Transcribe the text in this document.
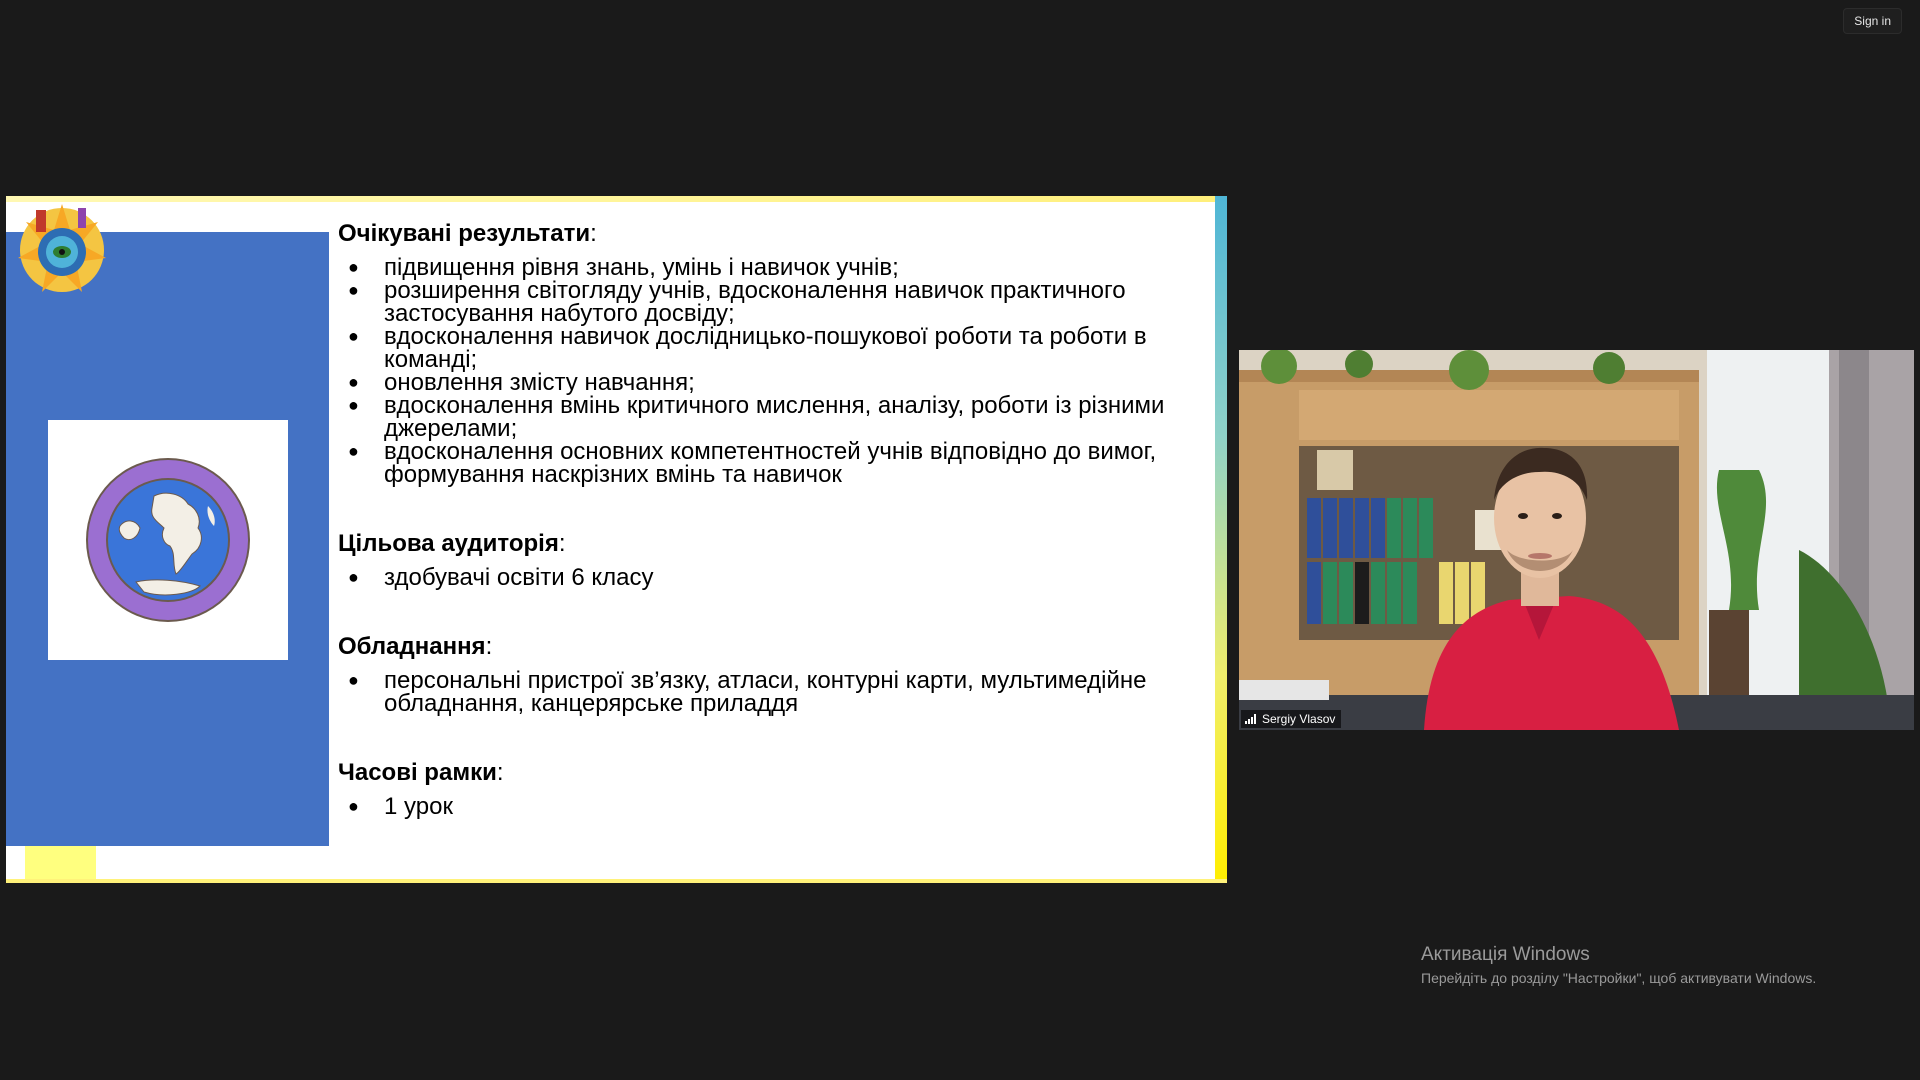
Sign in

Очікувані результати:

● підвищення рівня знань, умінь і навичок учнів;
● розширення світогляду учнів, вдосконалення навичок практичного застосування набутого досвіду;
● вдосконалення навичок дослідницько-пошукової роботи та роботи в команді;
● оновлення змісту навчання;
● вдосконалення вмінь критичного мислення, аналізу, роботи із різними джерелами;
● вдосконалення основних компетентностей учнів відповідно до вимог, формування наскрізних вмінь та навичок

Цільова аудиторія:

● здобувачі освіти 6 класу

Обладнання:

● персональні пристрої зв’язку, атласи, контурні карти, мультимедійне обладнання, канцерярське приладдя

Часові рамки:

● 1 урок
Sergiy Vlasov
Активація Windows
Перейдіть до розділу "Настройки", щоб активувати Windows.
